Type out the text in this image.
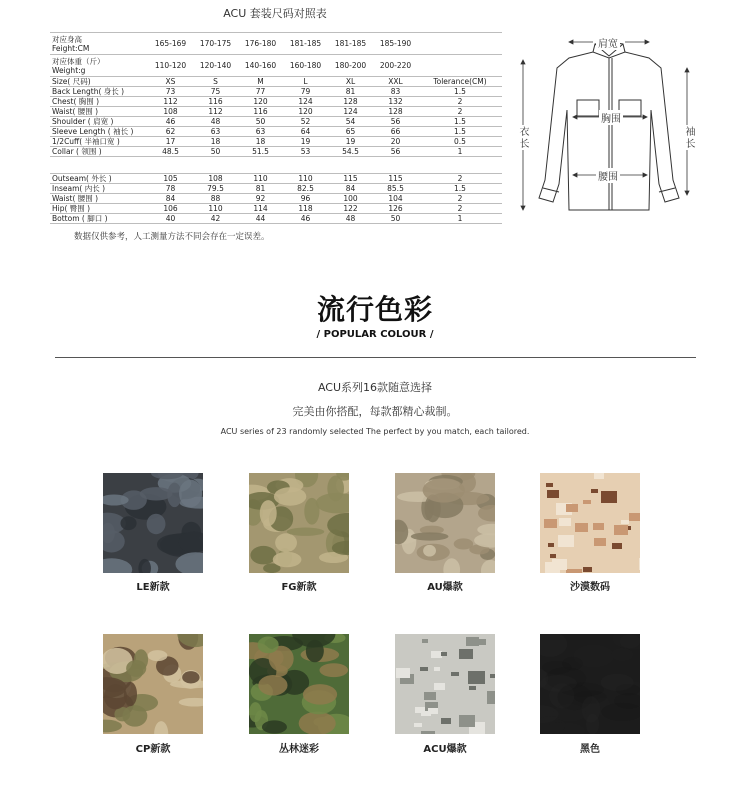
ACU 套装尺码对照表
对应身高
Feight:CM	165-169	170-175	176-180	181-185	181-185	185-190	

对应体重（斤）
Weight:g	110-120	120-140	140-160	160-180	180-200	200-220	
Size( 尺码)	XS	S	M	L	XL	XXL	Tolerance(CM)
Back Length( 身长 )	73	75	77	79	81	83	1.5
Chest( 胸围 )	112	116	120	124	128	132	2
Waist( 腰围 )	108	112	116	120	124	128	2
Shoulder ( 肩宽 )	46	48	50	52	54	56	1.5
Sleeve Length ( 袖长 )	62	63	63	64	65	66	1.5
1/2Cuff( 半袖口宽 )	17	18	18	19	19	20	0.5
Collar ( 领围 )	48.5	50	51.5	53	54.5	56	1
Outseam( 外长 )	105	108	110	110	115	115	2
Inseam( 内长 )	78	79.5	81	82.5	84	85.5	1.5
Waist( 腰围 )	84	88	92	96	100	104	2
Hip( 臀围 )	106	110	114	118	122	126	2
Bottom ( 脚口 )	40	42	44	46	48	50	1
数据仅供参考，人工测量方法不同会存在一定误差。
肩宽
胸围
腰围
衣长	袖长
流行色彩
/ POPULAR COLOUR /
ACU系列16款随意选择
完美由你搭配，每款都精心裁制。
ACU series of 23 randomly selected The perfect by you match, each tailored.
LE新款	FG新款	AU爆款	沙漠数码
CP新款	丛林迷彩	ACU爆款	黑色
